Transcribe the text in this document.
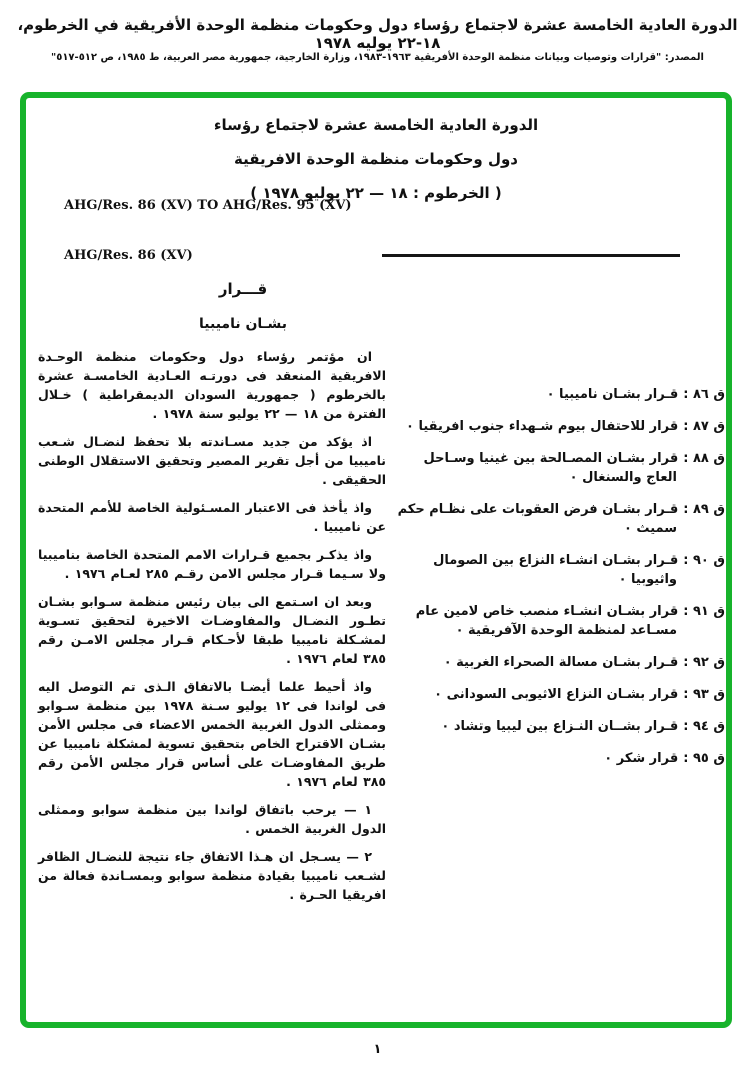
الدورة العادية الخامسة عشرة لاجتماع رؤساء دول وحكومات منظمة الوحدة الأفريقية في الخرطوم، ١٨-٢٢ يوليه ١٩٧٨
المصدر: "قرارات وتوصيات وبيانات منظمة الوحدة الأفريقية ١٩٦٣-١٩٨٣، وزارة الخارجية، جمهورية مصر العربية، ط ١٩٨٥، ص ٥١٢-٥١٧"
الدورة العادية الخامسة عشرة لاجتماع رؤساء
دول وحكومات منظمة الوحدة الافريقية
( الخرطوم : ١٨ — ٢٢ يوليو ١٩٧٨ )
AHG/Res. 86 (XV) TO AHG/Res. 95 (XV)
AHG/Res. 86 (XV)
قـــرار
بشـان ناميبيا

ان مؤتمر رؤساء دول وحكومات منظمة الوحـدة الافريقية المنعقد فى دورتـه العـادية الخامسـة عشرة بالخرطوم ( جمهورية السودان الديمقراطية ) خـلال الفترة من ١٨ — ٢٢ يوليو سنة ١٩٧٨ .

اذ يؤكد من جديد مسـاندته بلا تحفظ لنضـال شـعب ناميبيا من أجل تقرير المصير وتحقيق الاستقلال الوطنى الحقيقى .

واذ يأخذ فى الاعتبار المسـئولية الخاصة للأمم المتحدة عن ناميبيا .

واذ يذكـر بجميع قـرارات الامم المتحدة الخاصة بناميبيا ولا سـيما قـرار مجلس الامن رقـم ٢٨٥ لعـام ١٩٧٦ .

وبعد ان اسـتمع الى بيان رئيس منظمة سـوابو بشـان تطـور النضـال والمفاوضـات الاخيرة لتحقيق تسـوية لمشـكلة ناميبيا طبقا لأحـكام قـرار مجلس الامـن رقم ٣٨٥ لعام ١٩٧٦ .

واذ أحيط علما أيضـا بالاتفاق الـذى تم التوصل اليه فى لواندا فى ١٢ يوليو سـنة ١٩٧٨ بين منظمة سـوابو وممثلى الدول الغربية الخمس الاعضاء فى مجلس الأمن بشـان الاقتراح الخاص بتحقيق تسوية لمشكلة ناميبيا عن طريق المفاوضـات على أساس قرار مجلس الأمن رقم ٣٨٥ لعام ١٩٧٦ .

١ — يرحب باتفاق لواندا بين منظمة سوابو وممثلى الدول الغربية الخمس .

٢ — يسـجل ان هـذا الاتفاق جاء نتيجة للنضـال الظافر لشـعب ناميبيا بقيادة منظمة سوابو وبمسـاندة فعالة من افريقيا الحـرة .

ق ٨٦ :قـرار بشـان ناميبيا ٠
ق ٨٧ :قرار للاحتفال بيوم شـهداء جنوب افريقيا ٠
ق ٨٨ :قرار بشـان المصـالحة بين غينيا وسـاحل العاج والسنغال ٠
ق ٨٩ :قـرار بشـان فرض العقوبات على نظـام حكم سميث ٠
ق ٩٠ :قـرار بشـان انشـاء النزاع بين الصومال واثيوبيا ٠
ق ٩١ :قرار بشـان انشـاء منصب خاص لامين عام مسـاعد لمنظمة الوحدة الآفريقية ٠
ق ٩٢ :قـرار بشـان مسالة الصحراء الغربية ٠
ق ٩٣ :قرار بشـان النزاع الاثيوبى السودانى ٠
ق ٩٤ :قـرار بشــان النـزاع بين ليبيا وتشاد ٠
ق ٩٥ :قرار شكر ٠
١
